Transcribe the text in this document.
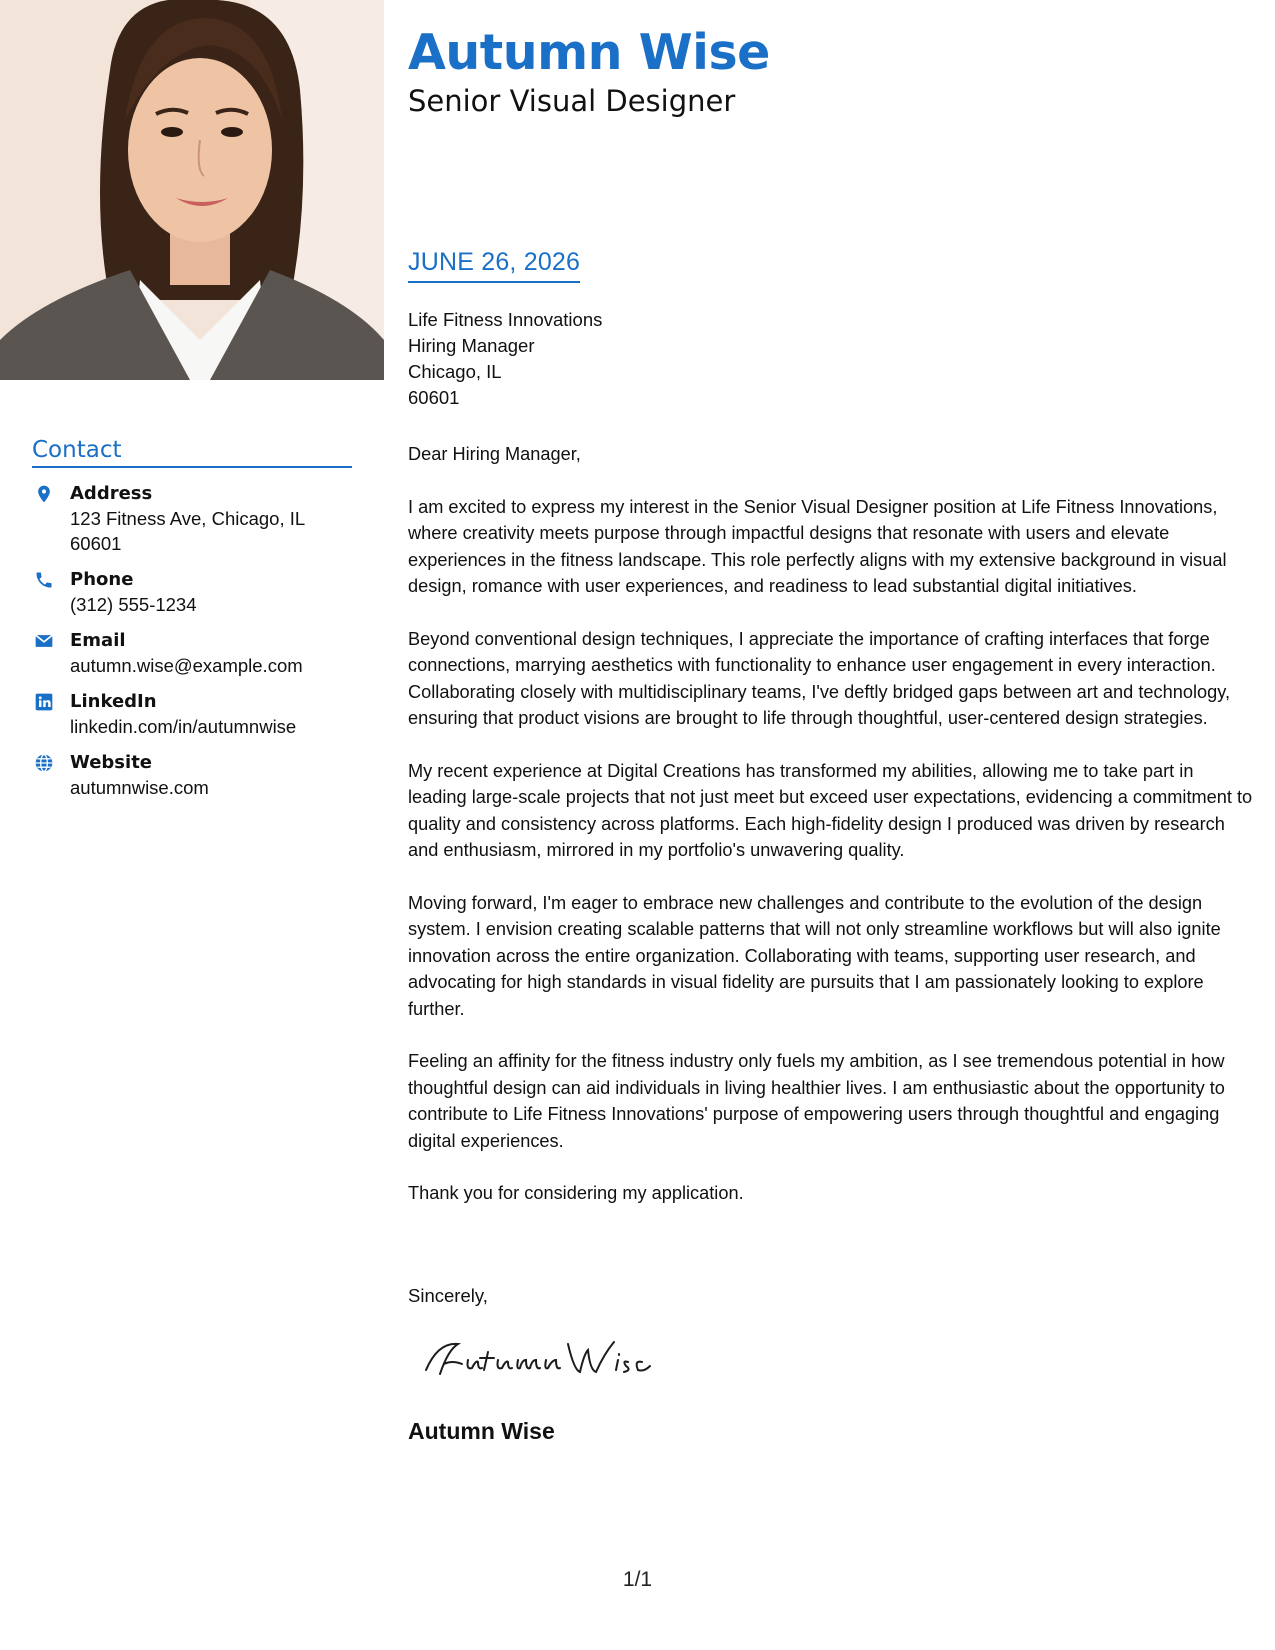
Contact
Address
123 Fitness Ave, Chicago, IL 60601
Phone
(312) 555-1234
Email
autumn.wise@example.com
LinkedIn
linkedin.com/in/autumnwise
Website
autumnwise.com
Autumn Wise
Senior Visual Designer
JUNE 26, 2026
Life Fitness Innovations
Hiring Manager
Chicago, IL
60601
Dear Hiring Manager,

I am excited to express my interest in the Senior Visual Designer position at Life Fitness Innovations, where creativity meets purpose through impactful designs that resonate with users and elevate experiences in the fitness landscape. This role perfectly aligns with my extensive background in visual design, romance with user experiences, and readiness to lead substantial digital initiatives.

Beyond conventional design techniques, I appreciate the importance of crafting interfaces that forge connections, marrying aesthetics with functionality to enhance user engagement in every interaction. Collaborating closely with multidisciplinary teams, I've deftly bridged gaps between art and technology, ensuring that product visions are brought to life through thoughtful, user-centered design strategies.

My recent experience at Digital Creations has transformed my abilities, allowing me to take part in leading large-scale projects that not just meet but exceed user expectations, evidencing a commitment to quality and consistency across platforms. Each high-fidelity design I produced was driven by research and enthusiasm, mirrored in my portfolio's unwavering quality.

Moving forward, I'm eager to embrace new challenges and contribute to the evolution of the design system. I envision creating scalable patterns that will not only streamline workflows but will also ignite innovation across the entire organization. Collaborating with teams, supporting user research, and advocating for high standards in visual fidelity are pursuits that I am passionately looking to explore further.

Feeling an affinity for the fitness industry only fuels my ambition, as I see tremendous potential in how thoughtful design can aid individuals in living healthier lives. I am enthusiastic about the opportunity to contribute to Life Fitness Innovations' purpose of empowering users through thoughtful and engaging digital experiences.

Thank you for considering my application.

Sincerely,
Autumn Wise
1/1
